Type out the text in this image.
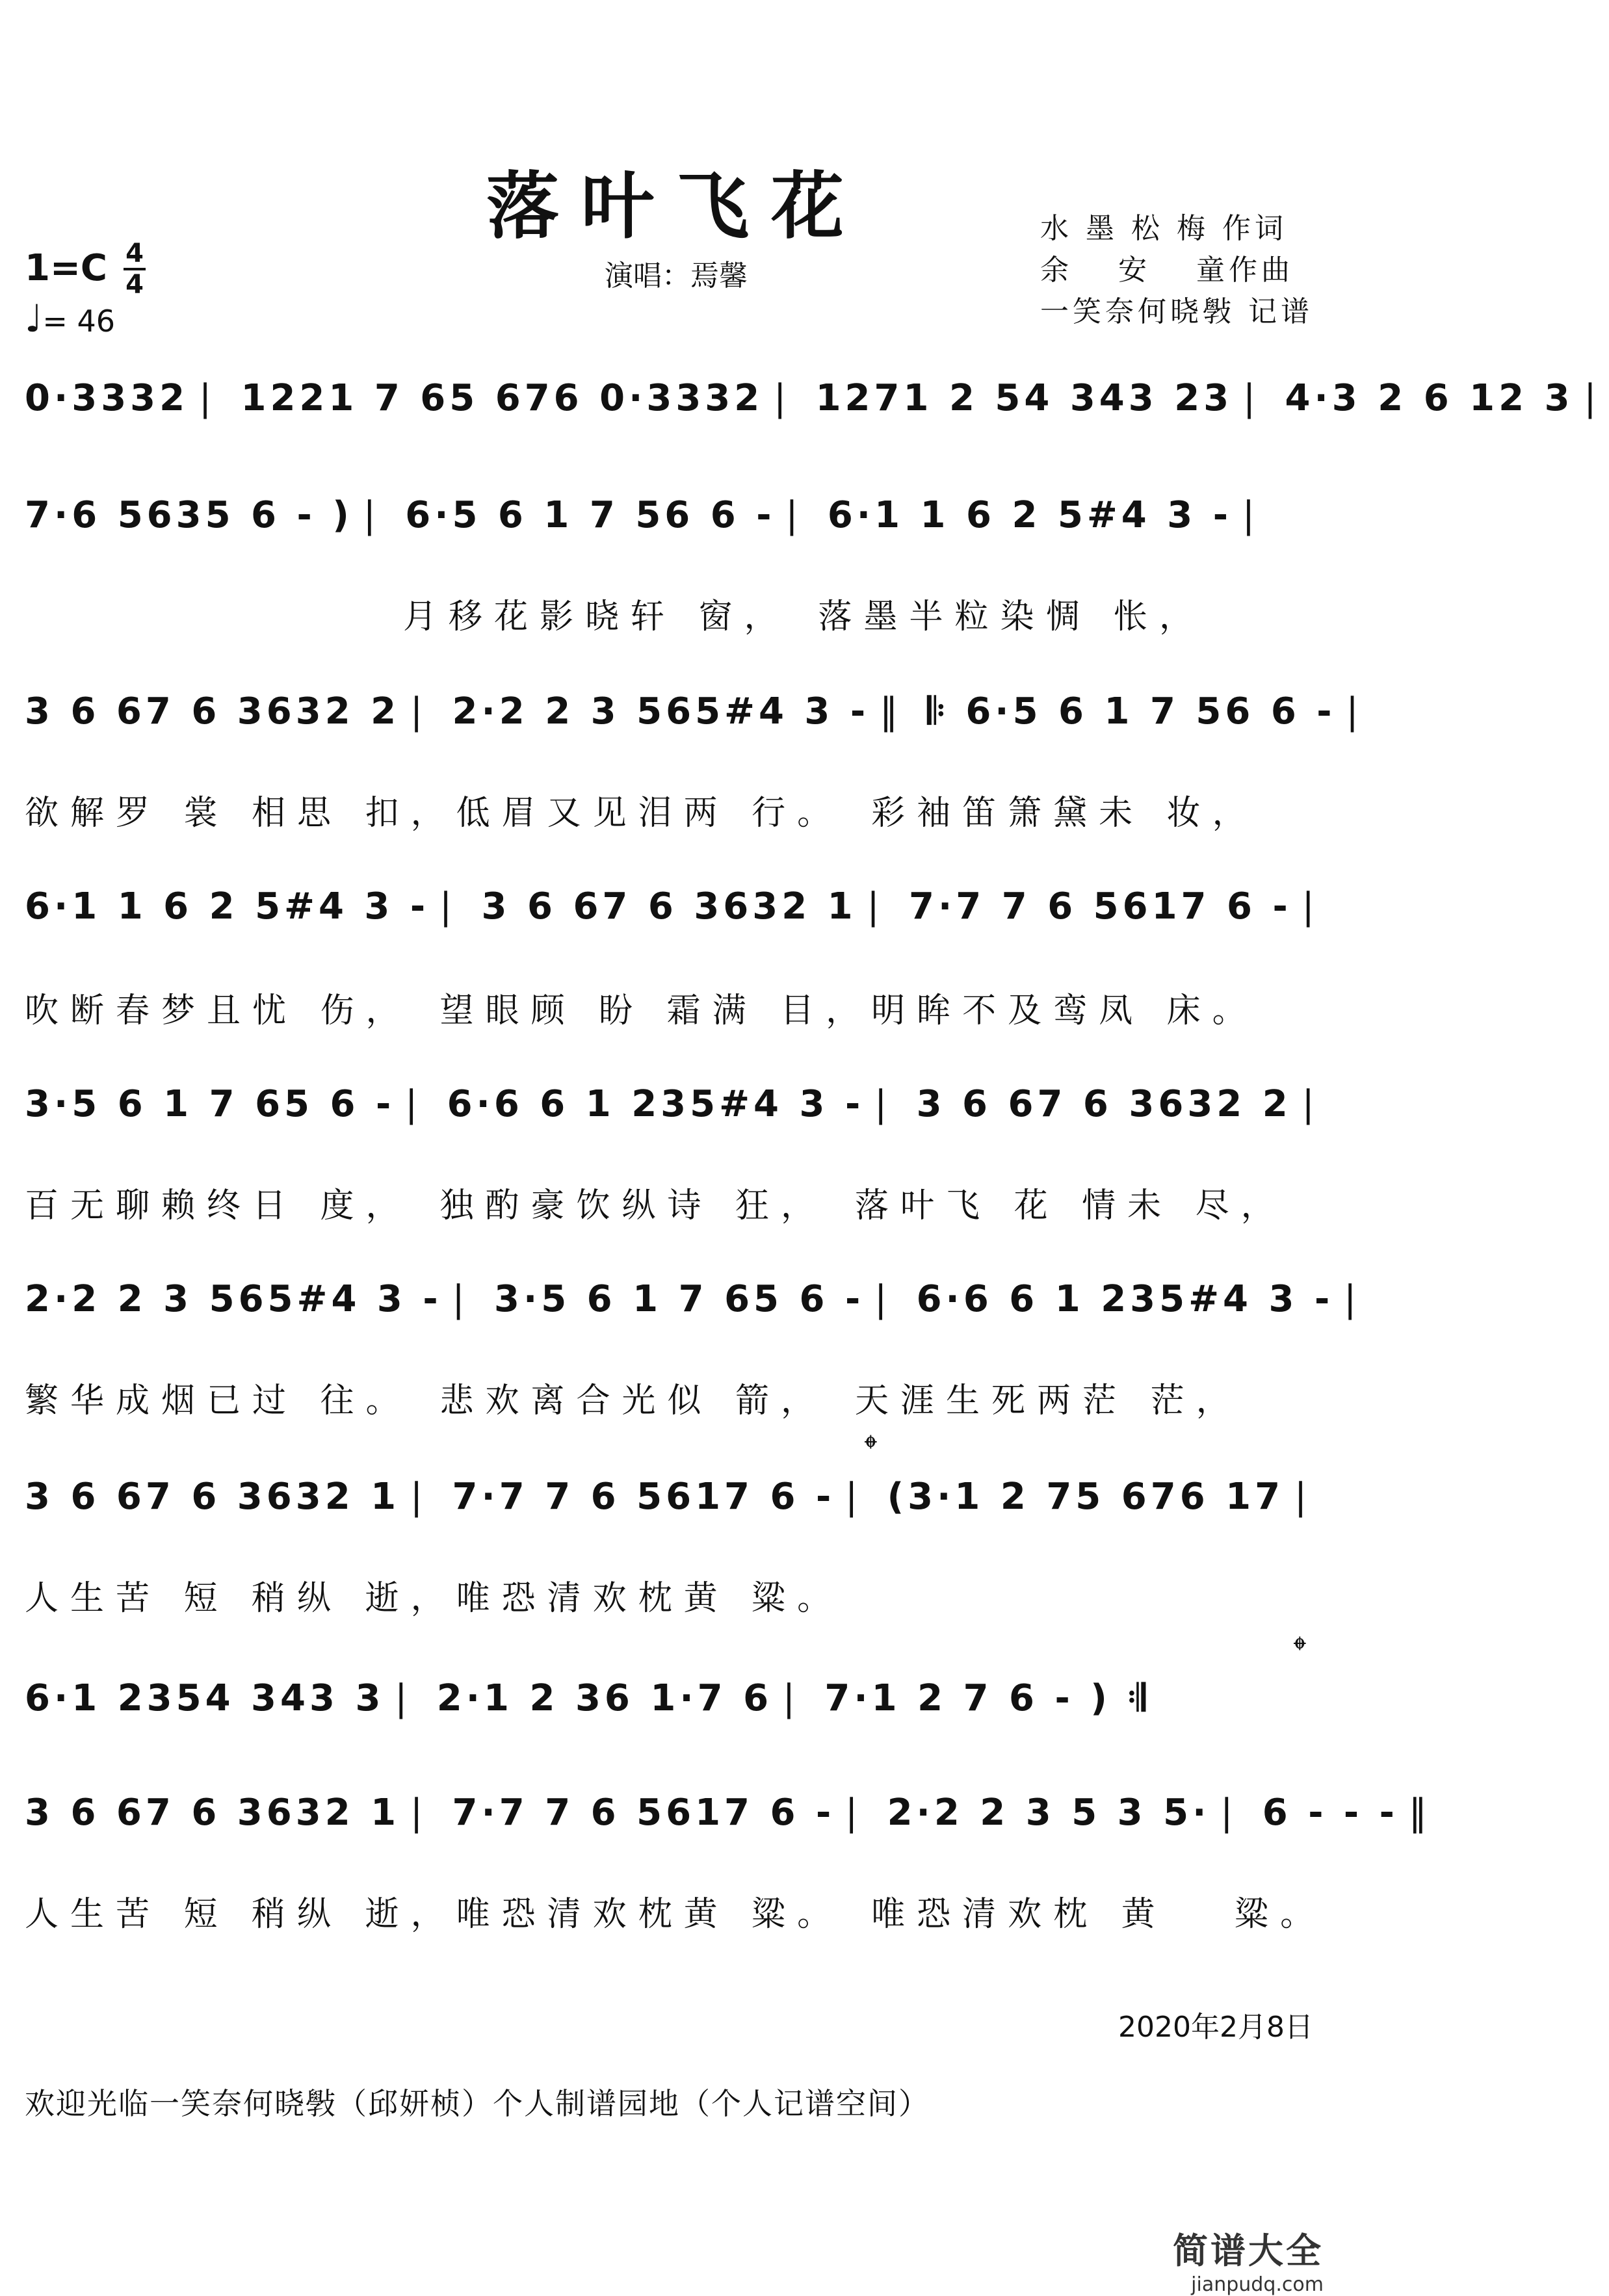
落叶飞花
演唱：焉馨
水 墨 松 梅 作词
余　 安　 童作曲
一笑奈何晓斅 记谱
1=C 4
4
♩= 46
0·3332 | 1221 7 65 676 0·3332 | 1271 2 54 343 23 | 4·3 2 6 12 3 |
7·6 5635 6 - ) | 6·5 6 1 7 56 6 - | 6·1 1 6 2 5#4 3 - |
月移花影晓轩 窗，　落墨半粒染惆 怅，
3 6 67 6 3632 2 | 2·2 2 3 565#4 3 - ‖ 𝄆 6·5 6 1 7 56 6 - |
欲解罗 裳 相思 扣，低眉又见泪两 行。　彩袖笛箫黛未 妆，
6·1 1 6 2 5#4 3 - | 3 6 67 6 3632 1 | 7·7 7 6 5617 6 - |
吹断春梦且忧 伤，　望眼顾 盼 霜满 目，明眸不及鸾凤 床。
3·5 6 1 7 65 6 - | 6·6 6 1 235#4 3 - | 3 6 67 6 3632 2 |
百无聊赖终日 度，　独酌豪饮纵诗 狂，　落叶飞 花 情未 尽，
2·2 2 3 565#4 3 - | 3·5 6 1 7 65 6 - | 6·6 6 1 235#4 3 - |
繁华成烟已过 往。　悲欢离合光似 箭，　天涯生死两茫 茫，
𝄌
3 6 67 6 3632 1 | 7·7 7 6 5617 6 - | (3·1 2 75 676 17 |
人生苦 短 稍纵 逝，唯恐清欢枕黄 粱。
𝄌
6·1 2354 343 3 | 2·1 2 36 1·7 6 | 7·1 2 7 6 - ) 𝄇
3 6 67 6 3632 1 | 7·7 7 6 5617 6 - | 2·2 2 3 5 3 5· | 6 - - - ‖
人生苦 短 稍纵 逝，唯恐清欢枕黄 粱。　唯恐清欢枕 黄　 粱。
2020年2月8日
欢迎光临一笑奈何晓斅（邱妍桢）个人制谱园地（个人记谱空间）
简谱大全
jianpudq.com
